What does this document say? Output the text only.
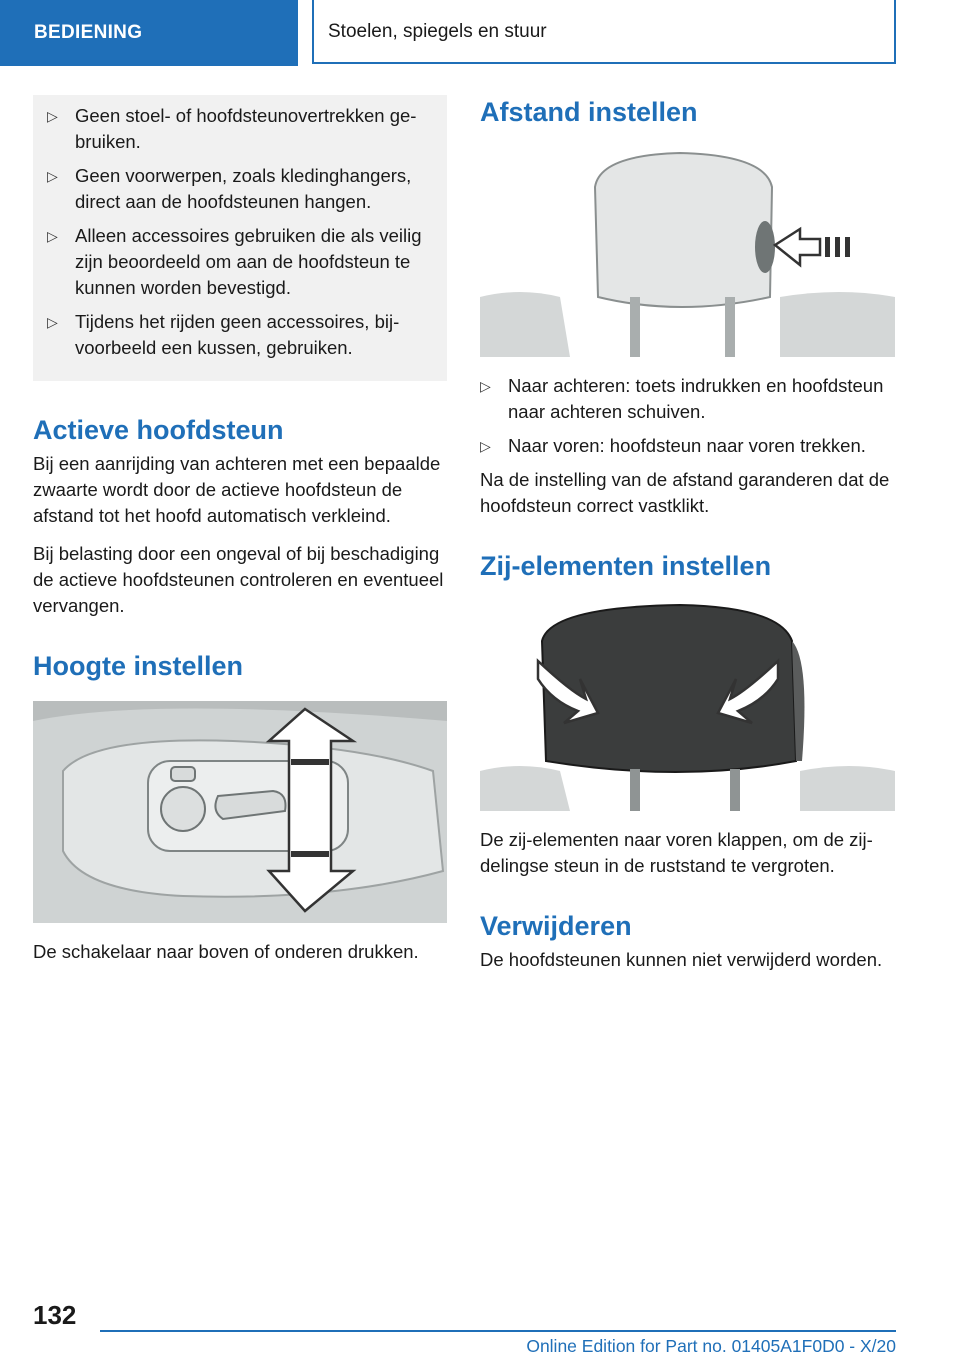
BEDIENING	Stoelen, spiegels en stuur
▷ Geen stoel- of hoofdsteunovertrekken gebruiken.
▷ Geen voorwerpen, zoals kledinghangers, direct aan de hoofdsteunen hangen.
▷ Alleen accessoires gebruiken die als veilig zijn beoordeeld om aan de hoofdsteun te kunnen worden bevestigd.
▷ Tijdens het rijden geen accessoires, bijvoorbeeld een kussen, gebruiken.
Actieve hoofdsteun

Bij een aanrijding van achteren met een bepaalde zwaarte wordt door de actieve hoofdsteun de afstand tot het hoofd automatisch verkleind.

Bij belasting door een ongeval of bij beschadiging de actieve hoofdsteunen controleren en eventueel vervangen.

Hoogte instellen

De schakelaar naar boven of onderen drukken.

Afstand instellen
▷ Naar achteren: toets indrukken en hoofdsteun naar achteren schuiven.
▷ Naar voren: hoofdsteun naar voren trekken.

Na de instelling van de afstand garanderen dat de hoofdsteun correct vastklikt.

Zij-elementen instellen

De zij-elementen naar voren klappen, om de zijdelingse steun in de ruststand te vergroten.

Verwijderen

De hoofdsteunen kunnen niet verwijderd worden.

132
Online Edition for Part no. 01405A1F0D0 - X/20
